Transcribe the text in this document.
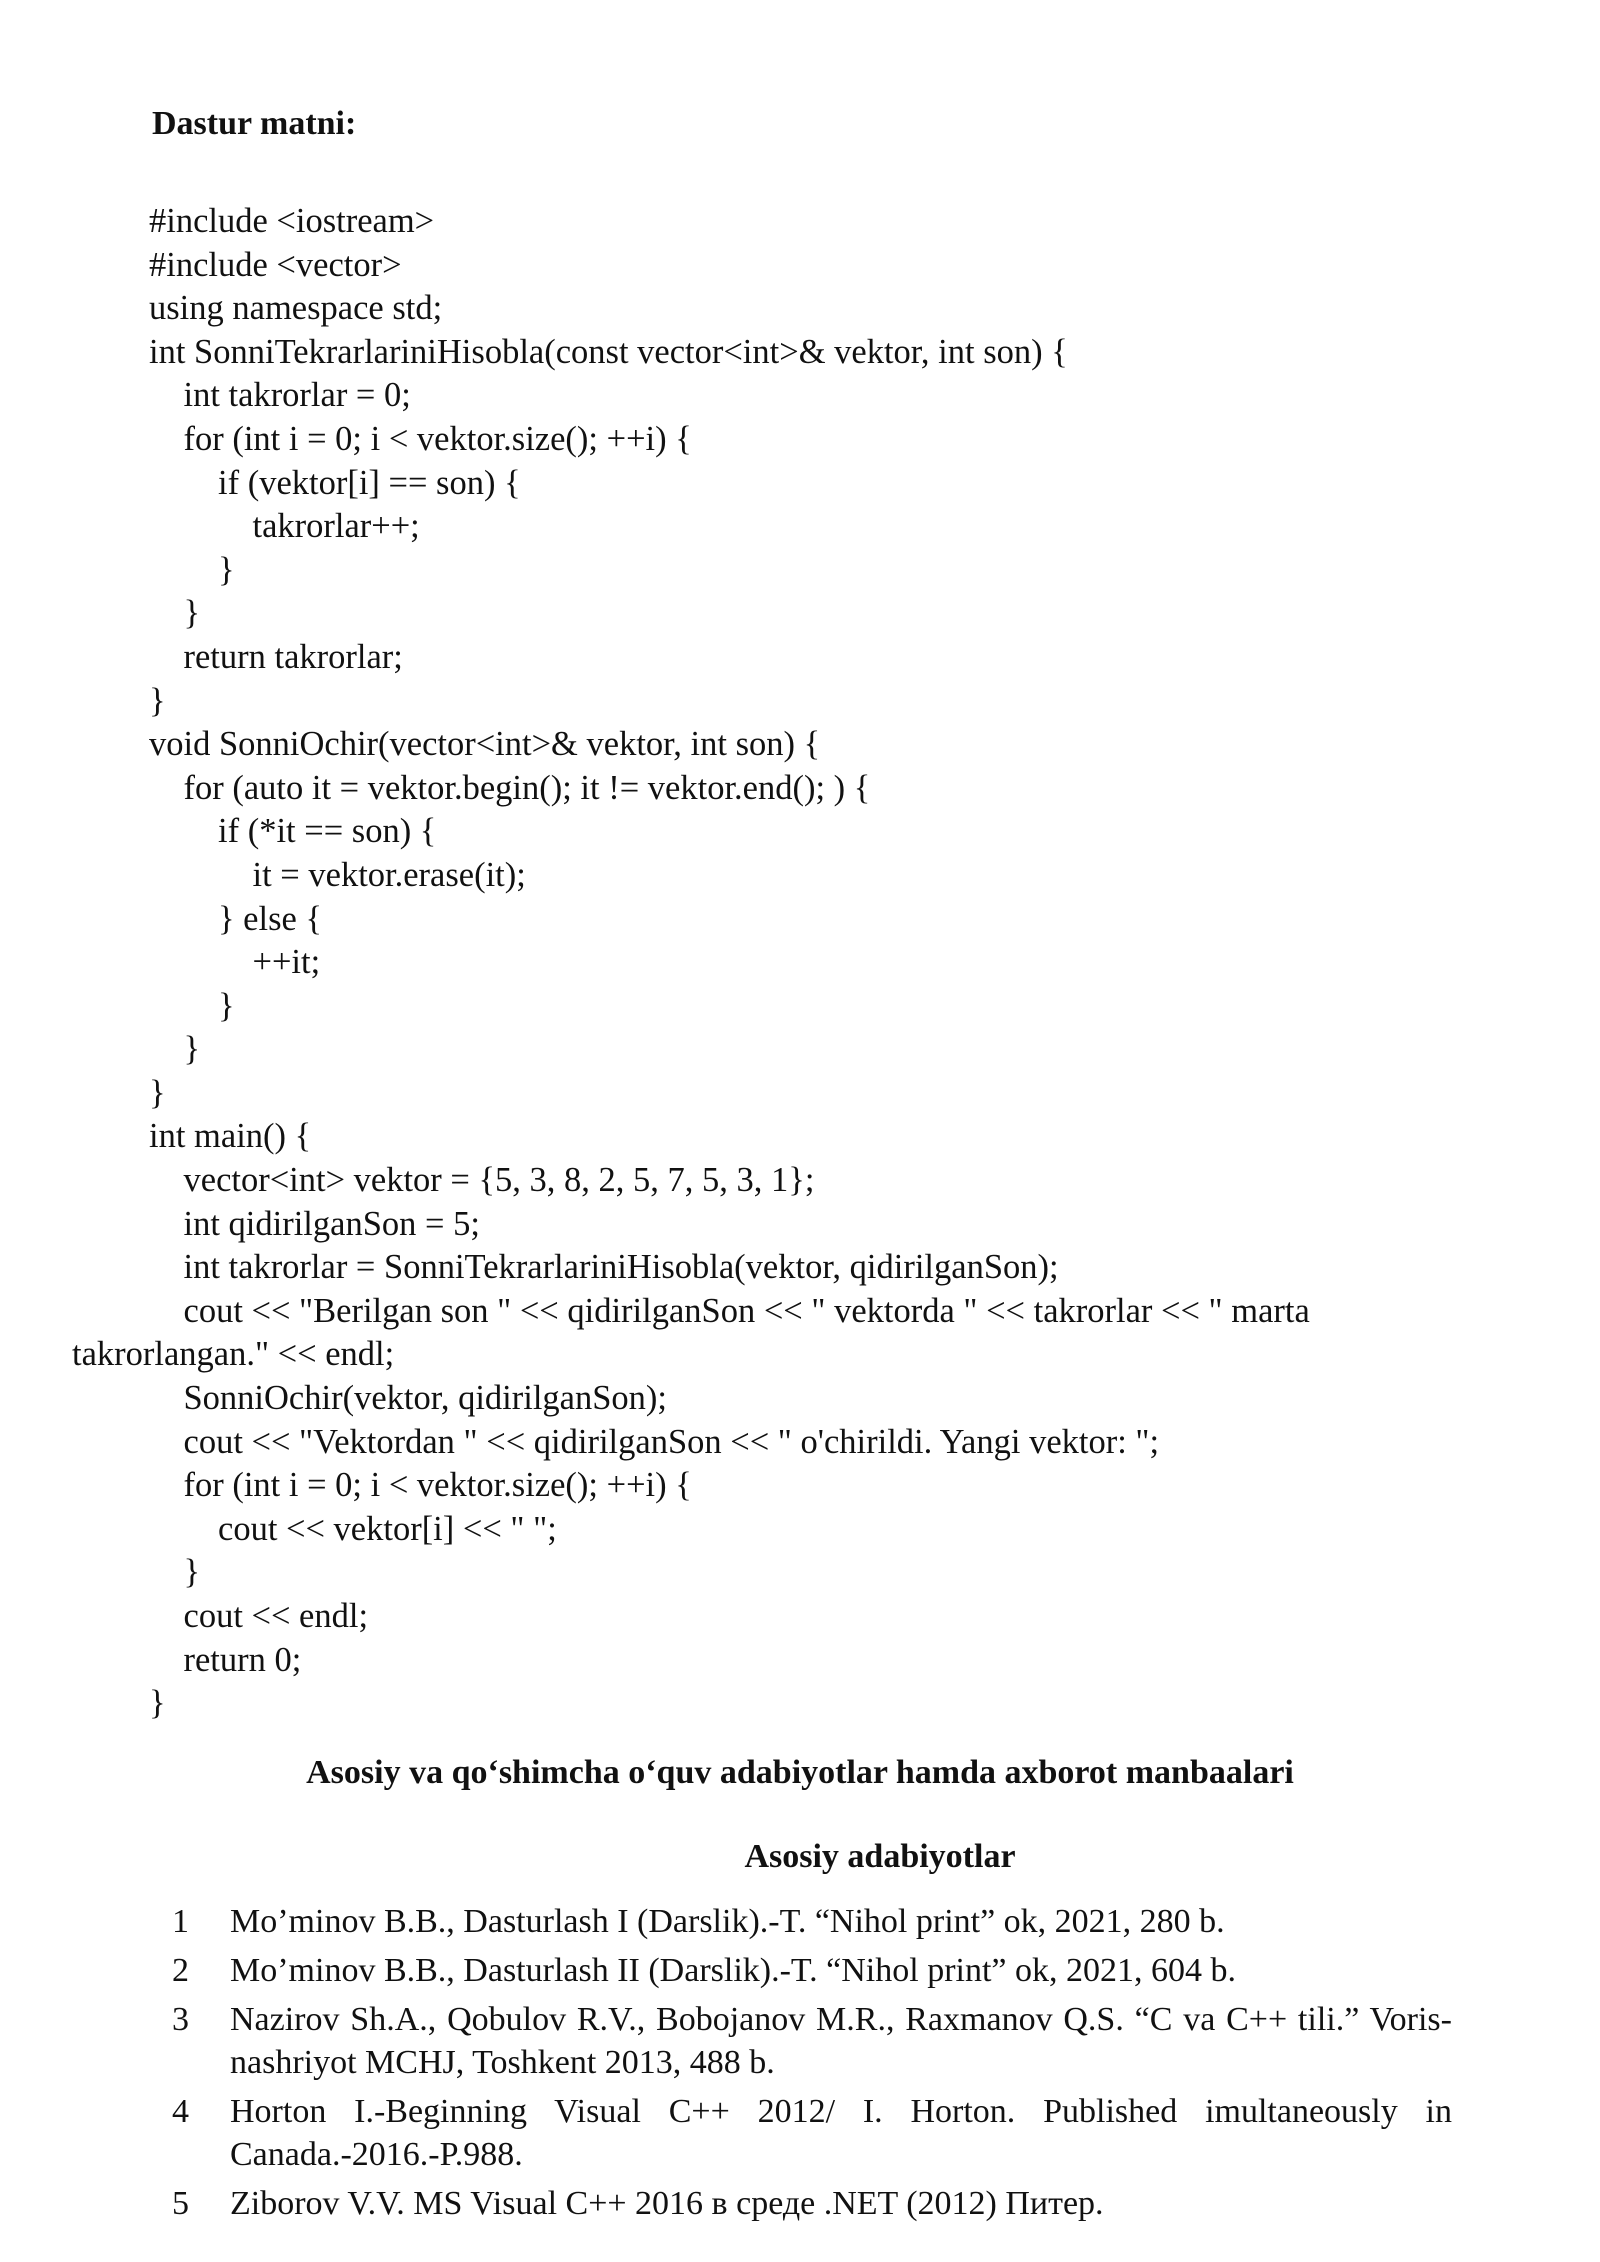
Dastur matni:
#include <iostream>
#include <vector>
using namespace std;
int SonniTekrarlariniHisobla(const vector<int>& vektor, int son) {
int takrorlar = 0;
for (int i = 0; i < vektor.size(); ++i) {
if (vektor[i] == son) {
takrorlar++;
}
}
return takrorlar;
}
void SonniOchir(vector<int>& vektor, int son) {
for (auto it = vektor.begin(); it != vektor.end(); ) {
if (*it == son) {
it = vektor.erase(it);
} else {
++it;
}
}
}
int main() {
vector<int> vektor = {5, 3, 8, 2, 5, 7, 5, 3, 1};
int qidirilganSon = 5;
int takrorlar = SonniTekrarlariniHisobla(vektor, qidirilganSon);
cout << "Berilgan son " << qidirilganSon << " vektorda " << takrorlar << " marta
takrorlangan." << endl;
SonniOchir(vektor, qidirilganSon);
cout << "Vektordan " << qidirilganSon << " o'chirildi. Yangi vektor: ";
for (int i = 0; i < vektor.size(); ++i) {
cout << vektor[i] << " ";
}
cout << endl;
return 0;
}
Asosiy va qo‘shimcha o‘quv adabiyotlar hamda axborot manbaalari
Asosiy adabiyotlar
1	Mo’minov B.B., Dasturlash I (Darslik).-T. “Nihol print” ok, 2021, 280 b.
2	Mo’minov B.B., Dasturlash II (Darslik).-T. “Nihol print” ok, 2021, 604 b.
3	Nazirov Sh.A., Qobulov R.V., Bobojanov M.R., Raxmanov Q.S. “C va C++ tili.” Voris-nashriyot MCHJ, Toshkent 2013, 488 b.
4	Horton I.-Beginning Visual C++ 2012/ I. Horton. Published imultaneously in Canada.-2016.-P.988.
5	Ziborov V.V. MS Visual C++ 2016 в среде .NET (2012) Питер.
